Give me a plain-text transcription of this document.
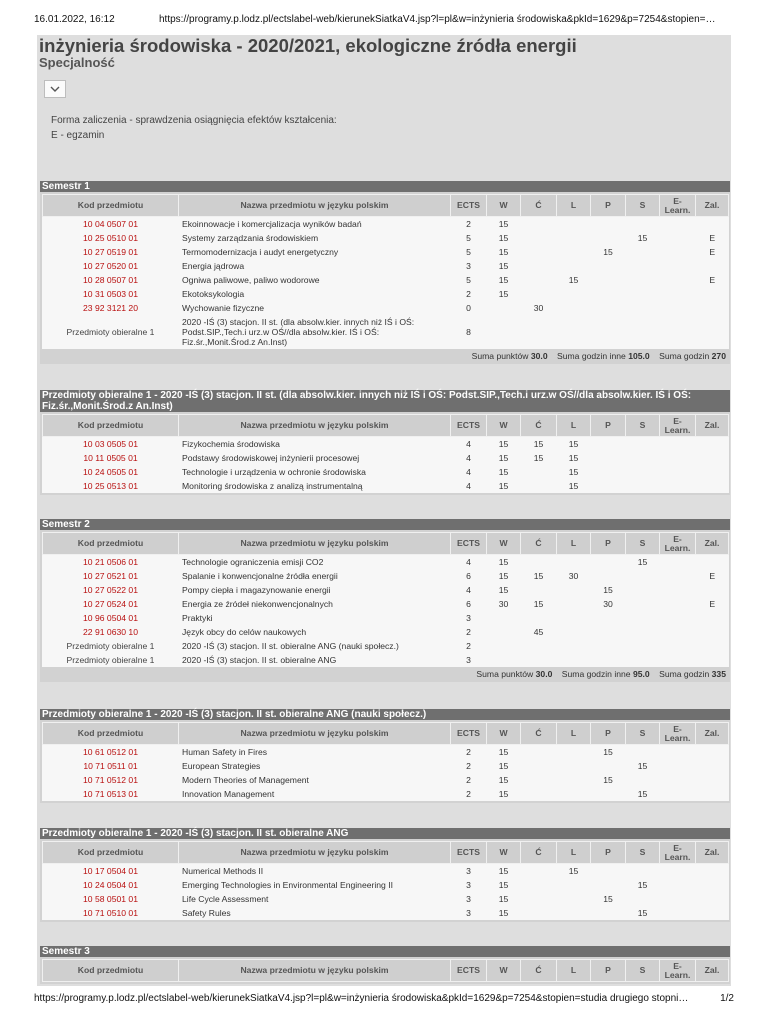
16.01.2022, 16:12	https://programy.p.lodz.pl/ectslabel-web/kierunekSiatkaV4.jsp?l=pl&w=inżynieria środowiska&pkId=1629&p=7254&stopien=…
inżynieria środowiska - 2020/2021, ekologiczne źródła energii
Specjalność
Forma zaliczenia - sprawdzenia osiągnięcia efektów kształcenia:
E - egzamin
Semestr 1
Kod przedmiotu	Nazwa przedmiotu w języku polskim	ECTS	W	Ć	L	P	S	E-
Learn.	Zal.
10 04 0507 01	Ekoinnowacje i komercjalizacja wyników badań	2	15						
10 25 0510 01	Systemy zarządzania środowiskiem	5	15				15		E
10 27 0519 01	Termomodernizacja i audyt energetyczny	5	15			15			E
10 27 0520 01	Energia jądrowa	3	15						
10 28 0507 01	Ogniwa paliwowe, paliwo wodorowe	5	15		15				E
10 31 0503 01	Ekotoksykologia	2	15						
23 92 3121 20	Wychowanie fizyczne	0		30					
Przedmioty obieralne 1	2020 -IŚ (3) stacjon. II st. (dla absolw.kier. innych niż IŚ i OŚ: Podst.SIP.,Tech.i urz.w OŚ//dla absolw.kier. IŚ i OŚ: Fiz.śr.,Monit.Środ.z An.Inst)	8							
Suma punktów 30.0 Suma godzin inne 105.0 Suma godzin 270
Przedmioty obieralne 1 - 2020 -IŚ (3) stacjon. II st. (dla absolw.kier. innych niż IŚ i OŚ: Podst.SIP.,Tech.i urz.w OŚ//dla absolw.kier. IŚ i OŚ: Fiz.śr.,Monit.Środ.z An.Inst)
Kod przedmiotu	Nazwa przedmiotu w języku polskim	ECTS	W	Ć	L	P	S	E-
Learn.	Zal.
10 03 0505 01	Fizykochemia środowiska	4	15	15	15				
10 11 0505 01	Podstawy środowiskowej inżynierii procesowej	4	15	15	15				
10 24 0505 01	Technologie i urządzenia w ochronie środowiska	4	15		15				
10 25 0513 01	Monitoring środowiska z analizą instrumentalną	4	15		15				
Semestr 2
Kod przedmiotu	Nazwa przedmiotu w języku polskim	ECTS	W	Ć	L	P	S	E-
Learn.	Zal.
10 21 0506 01	Technologie ograniczenia emisji CO2	4	15				15		
10 27 0521 01	Spalanie i konwencjonalne źródła energii	6	15	15	30				E
10 27 0522 01	Pompy ciepła i magazynowanie energii	4	15			15			
10 27 0524 01	Energia ze źródeł niekonwencjonalnych	6	30	15		30			E
10 96 0504 01	Praktyki	3							
22 91 0630 10	Język obcy do celów naukowych	2		45					
Przedmioty obieralne 1	2020 -IŚ (3) stacjon. II st. obieralne ANG (nauki społecz.)	2							
Przedmioty obieralne 1	2020 -IŚ (3) stacjon. II st. obieralne ANG	3							
Suma punktów 30.0 Suma godzin inne 95.0 Suma godzin 335
Przedmioty obieralne 1 - 2020 -IŚ (3) stacjon. II st. obieralne ANG (nauki społecz.)
Kod przedmiotu	Nazwa przedmiotu w języku polskim	ECTS	W	Ć	L	P	S	E-
Learn.	Zal.
10 61 0512 01	Human Safety in Fires	2	15			15			
10 71 0511 01	European Strategies	2	15				15		
10 71 0512 01	Modern Theories of Management	2	15			15			
10 71 0513 01	Innovation Management	2	15				15		
Przedmioty obieralne 1 - 2020 -IŚ (3) stacjon. II st. obieralne ANG
Kod przedmiotu	Nazwa przedmiotu w języku polskim	ECTS	W	Ć	L	P	S	E-
Learn.	Zal.
10 17 0504 01	Numerical Methods II	3	15		15				
10 24 0504 01	Emerging Technologies in Environmental Engineering II	3	15				15		
10 58 0501 01	Life Cycle Assessment	3	15			15			
10 71 0510 01	Safety Rules	3	15				15		
Semestr 3
Kod przedmiotu	Nazwa przedmiotu w języku polskim	ECTS	W	Ć	L	P	S	E-
Learn.	Zal.
https://programy.p.lodz.pl/ectslabel-web/kierunekSiatkaV4.jsp?l=pl&w=inżynieria środowiska&pkId=1629&p=7254&stopien=studia drugiego stopni…	1/2
